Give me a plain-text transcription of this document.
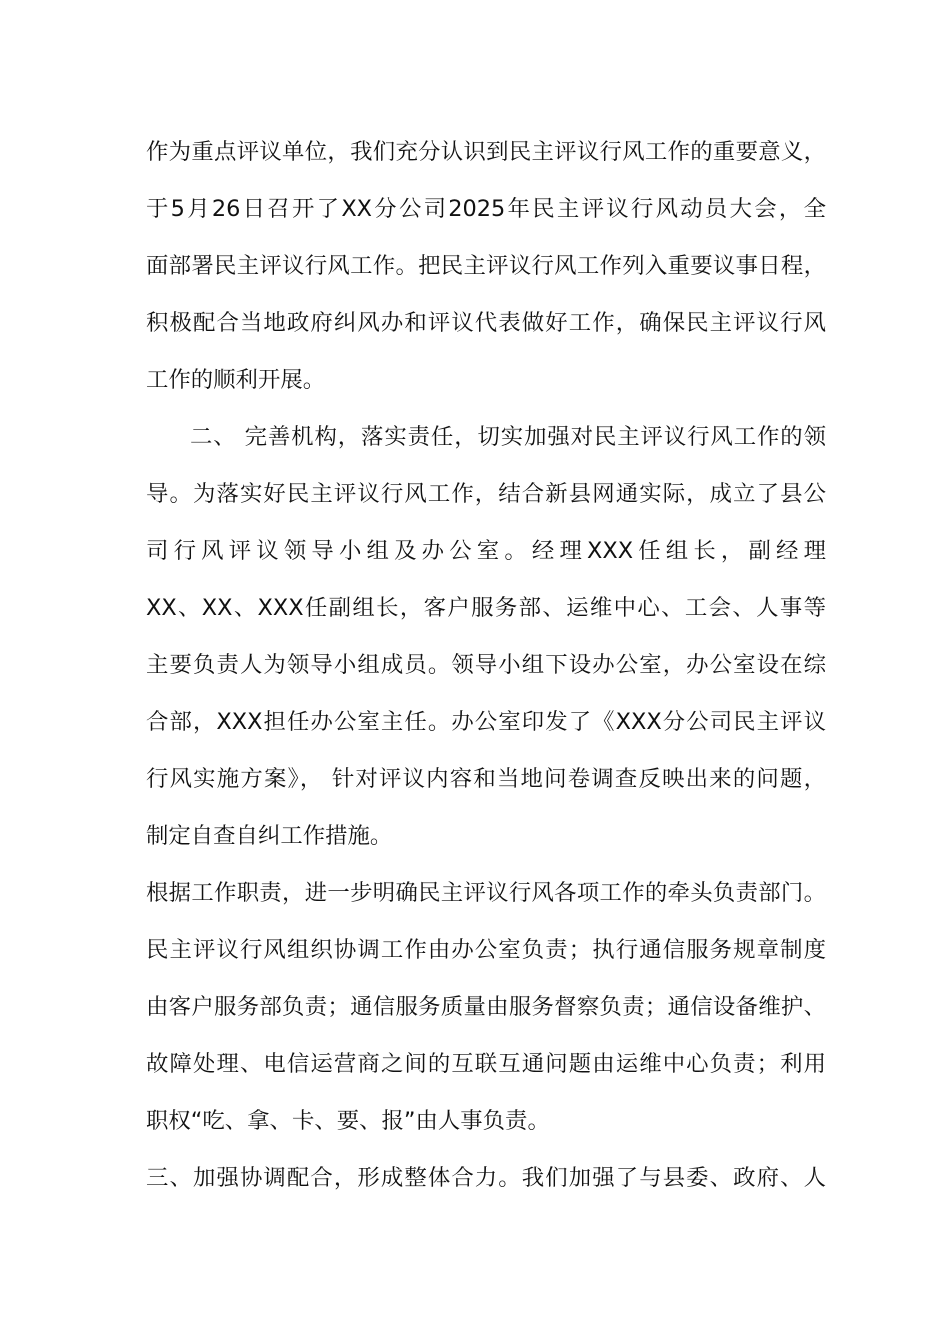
作为重点评议单位，我们充分认识到民主评议行风工作的重要意义，
于5月26日召开了XX分公司2025年民主评议行风动员大会，全
面部署民主评议行风工作。把民主评议行风工作列入重要议事日程，
积极配合当地政府纠风办和评议代表做好工作，确保民主评议行风
工作的顺利开展。
二、 完善机构，落实责任，切实加强对民主评议行风工作的领
导。为落实好民主评议行风工作，结合新县网通实际，成立了县公
司行风评议领导小组及办公室。经理XXX任组长，副经理
XX、XX、XXX任副组长，客户服务部、运维中心、工会、人事等
主要负责人为领导小组成员。领导小组下设办公室，办公室设在综
合部，XXX担任办公室主任。办公室印发了《XXX分公司民主评议
行风实施方案》， 针对评议内容和当地问卷调查反映出来的问题，
制定自查自纠工作措施。
根据工作职责，进一步明确民主评议行风各项工作的牵头负责部门。
民主评议行风组织协调工作由办公室负责；执行通信服务规章制度
由客户服务部负责；通信服务质量由服务督察负责；通信设备维护、
故障处理、电信运营商之间的互联互通问题由运维中心负责；利用
职权“吃、拿、卡、要、报”由人事负责。
三、加强协调配合，形成整体合力。我们加强了与县委、政府、人
